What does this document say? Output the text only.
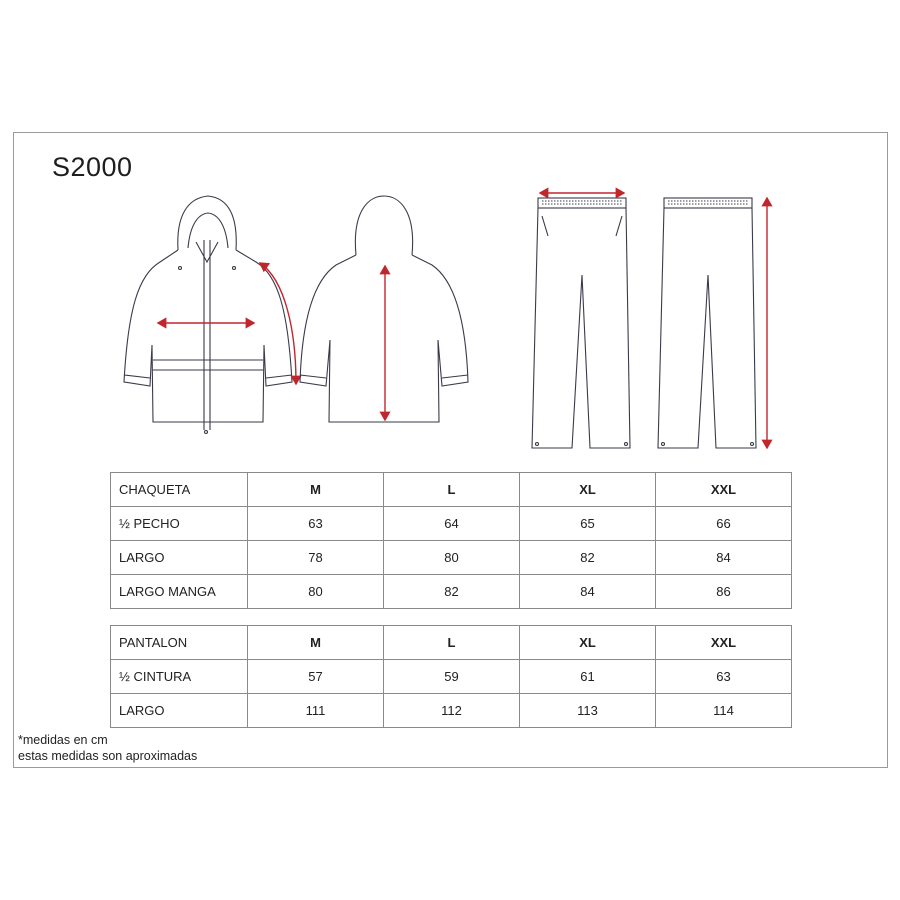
S2000
CHAQUETA	M	L	XL	XXL
½ PECHO	63	64	65	66
LARGO	78	80	82	84
LARGO MANGA	80	82	84	86
PANTALON	M	L	XL	XXL
½ CINTURA	57	59	61	63
LARGO	111	112	113	114
*medidas en cm
estas medidas son aproximadas
